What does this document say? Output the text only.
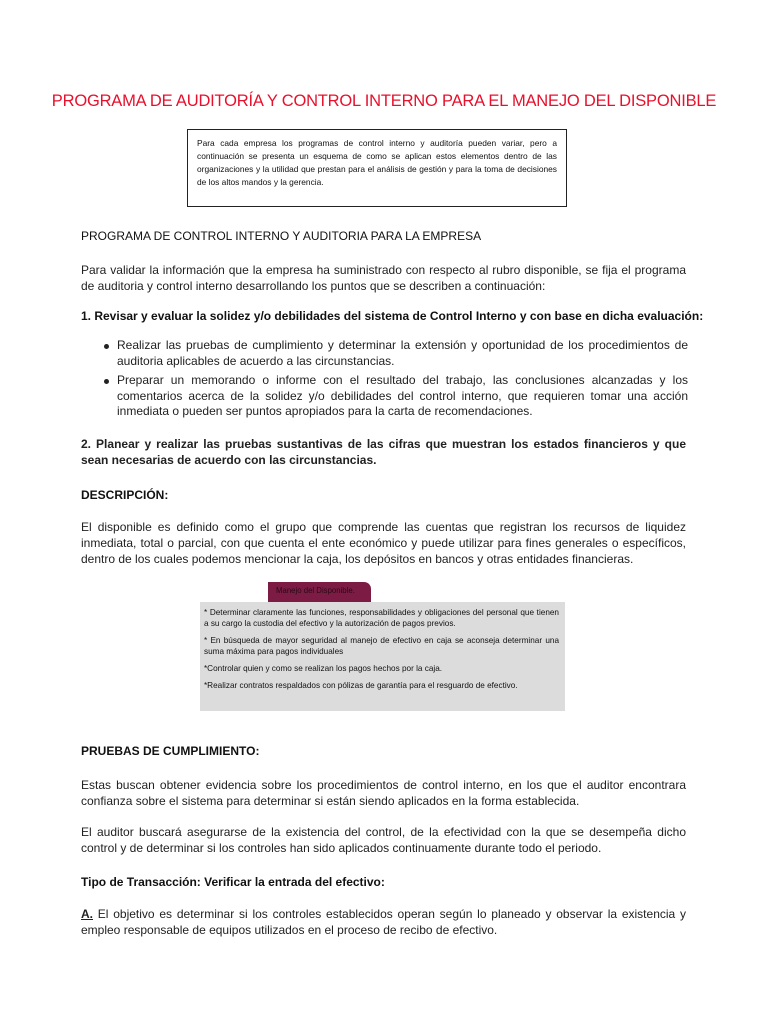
PROGRAMA DE AUDITORÍA Y CONTROL INTERNO PARA EL MANEJO DEL DISPONIBLE
Para cada empresa los programas de control interno y auditoría pueden variar, pero a continuación se presenta un esquema de como se aplican estos elementos dentro de las organizaciones y la utilidad que prestan para el análisis de gestión y para la toma de decisiones de los altos mandos y la gerencia.
PROGRAMA DE CONTROL INTERNO Y AUDITORIA PARA LA EMPRESA
Para validar la información que la empresa ha suministrado con respecto al rubro disponible, se fija el programa de auditoria y control interno desarrollando los puntos que se describen a continuación:
1. Revisar y evaluar la solidez y/o debilidades del sistema de Control Interno y con base en dicha evaluación:
Realizar las pruebas de cumplimiento y determinar la extensión y oportunidad de los procedimientos de auditoria aplicables de acuerdo a las circunstancias.
Preparar un memorando o informe con el resultado del trabajo, las conclusiones alcanzadas y los comentarios acerca de la solidez y/o debilidades del control interno, que requieren tomar una acción inmediata o pueden ser puntos apropiados para la carta de recomendaciones.
2. Planear y realizar las pruebas sustantivas de las cifras que muestran los estados financieros y que sean necesarias de acuerdo con las circunstancias.
DESCRIPCIÓN:
El disponible es definido como el grupo que comprende las cuentas que registran los recursos de liquidez inmediata, total o parcial, con que cuenta el ente económico y puede utilizar para fines generales o específicos, dentro de los cuales podemos mencionar la caja, los depósitos en bancos y otras entidades financieras.
Manejo del Disponible.

* Determinar claramente las funciones, responsabilidades y obligaciones del personal que tienen a su cargo la custodia del efectivo y la autorización de pagos previos.

* En búsqueda de mayor seguridad al manejo de efectivo en caja se aconseja determinar una suma máxima para pagos individuales

*Controlar quien y como se realizan los pagos hechos por la caja.

*Realizar contratos respaldados con pólizas de garantía para el resguardo de efectivo.

PRUEBAS DE CUMPLIMIENTO:
Estas buscan obtener evidencia sobre los procedimientos de control interno, en los que el auditor encontrara confianza sobre el sistema para determinar si están siendo aplicados en la forma establecida.
El auditor buscará asegurarse de la existencia del control, de la efectividad con la que se desempeña dicho control y de determinar si los controles han sido aplicados continuamente durante todo el periodo.
Tipo de Transacción: Verificar la entrada del efectivo:
A. El objetivo es determinar si los controles establecidos operan según lo planeado y observar la existencia y empleo responsable de equipos utilizados en el proceso de recibo de efectivo.
